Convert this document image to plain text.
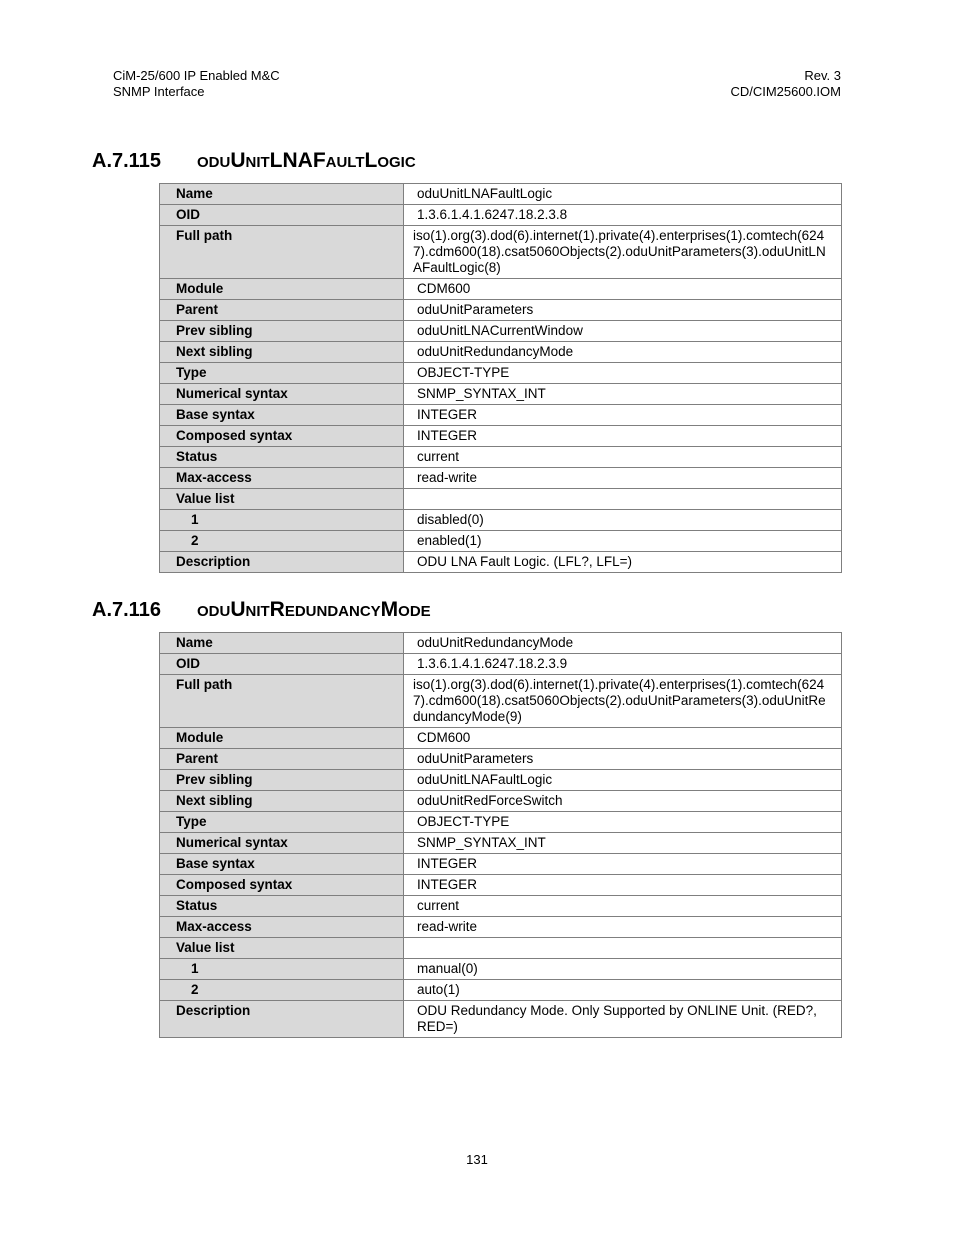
CiM-25/600 IP Enabled M&C
SNMP Interface
Rev. 3
CD/CIM25600.IOM
A.7.115 oduUnitLNAFaultLogic
Name	oduUnitLNAFaultLogic
OID	1.3.6.1.4.1.6247.18.2.3.8
Full path	iso(1).org(3).dod(6).internet(1).private(4).enterprises(1).comtech(6247).cdm600(18).csat5060Objects(2).oduUnitParameters(3).oduUnitLNAFaultLogic(8)
Module	CDM600
Parent	oduUnitParameters
Prev sibling	oduUnitLNACurrentWindow
Next sibling	oduUnitRedundancyMode
Type	OBJECT-TYPE
Numerical syntax	SNMP_SYNTAX_INT
Base syntax	INTEGER
Composed syntax	INTEGER
Status	current
Max-access	read-write
Value list	
1	disabled(0)
2	enabled(1)
Description	ODU LNA Fault Logic. (LFL?, LFL=)
A.7.116 oduUnitRedundancyMode
Name	oduUnitRedundancyMode
OID	1.3.6.1.4.1.6247.18.2.3.9
Full path	iso(1).org(3).dod(6).internet(1).private(4).enterprises(1).comtech(6247).cdm600(18).csat5060Objects(2).oduUnitParameters(3).oduUnitRedundancyMode(9)
Module	CDM600
Parent	oduUnitParameters
Prev sibling	oduUnitLNAFaultLogic
Next sibling	oduUnitRedForceSwitch
Type	OBJECT-TYPE
Numerical syntax	SNMP_SYNTAX_INT
Base syntax	INTEGER
Composed syntax	INTEGER
Status	current
Max-access	read-write
Value list	
1	manual(0)
2	auto(1)
Description	ODU Redundancy Mode. Only Supported by ONLINE Unit. (RED?, RED=)
131
